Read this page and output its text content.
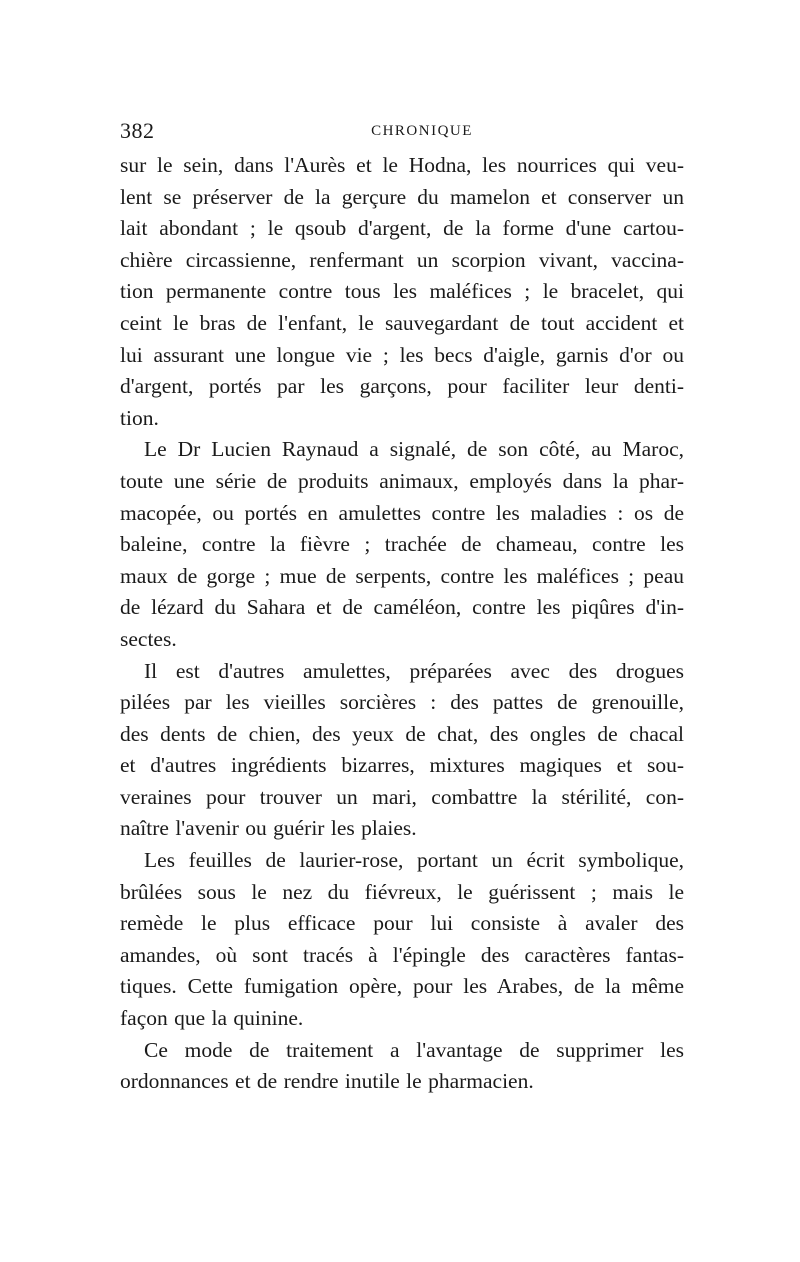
382	CHRONIQUE
sur le sein, dans l'Aurès et le Hodna, les nourrices qui veu-
lent se préserver de la gerçure du mamelon et conserver un
lait abondant ; le qsoub d'argent, de la forme d'une cartou-
chière circassienne, renfermant un scorpion vivant, vaccina-
tion permanente contre tous les maléfices ; le bracelet, qui
ceint le bras de l'enfant, le sauvegardant de tout accident et
lui assurant une longue vie ; les becs d'aigle, garnis d'or ou
d'argent, portés par les garçons, pour faciliter leur denti-
tion.
Le Dr Lucien Raynaud a signalé, de son côté, au Maroc,
toute une série de produits animaux, employés dans la phar-
macopée, ou portés en amulettes contre les maladies : os de
baleine, contre la fièvre ; trachée de chameau, contre les
maux de gorge ; mue de serpents, contre les maléfices ; peau
de lézard du Sahara et de caméléon, contre les piqûres d'in-
sectes.
Il est d'autres amulettes, préparées avec des drogues
pilées par les vieilles sorcières : des pattes de grenouille,
des dents de chien, des yeux de chat, des ongles de chacal
et d'autres ingrédients bizarres, mixtures magiques et sou-
veraines pour trouver un mari, combattre la stérilité, con-
naître l'avenir ou guérir les plaies.
Les feuilles de laurier-rose, portant un écrit symbolique,
brûlées sous le nez du fiévreux, le guérissent ; mais le
remède le plus efficace pour lui consiste à avaler des
amandes, où sont tracés à l'épingle des caractères fantas-
tiques. Cette fumigation opère, pour les Arabes, de la même
façon que la quinine.
Ce mode de traitement a l'avantage de supprimer les
ordonnances et de rendre inutile le pharmacien.
